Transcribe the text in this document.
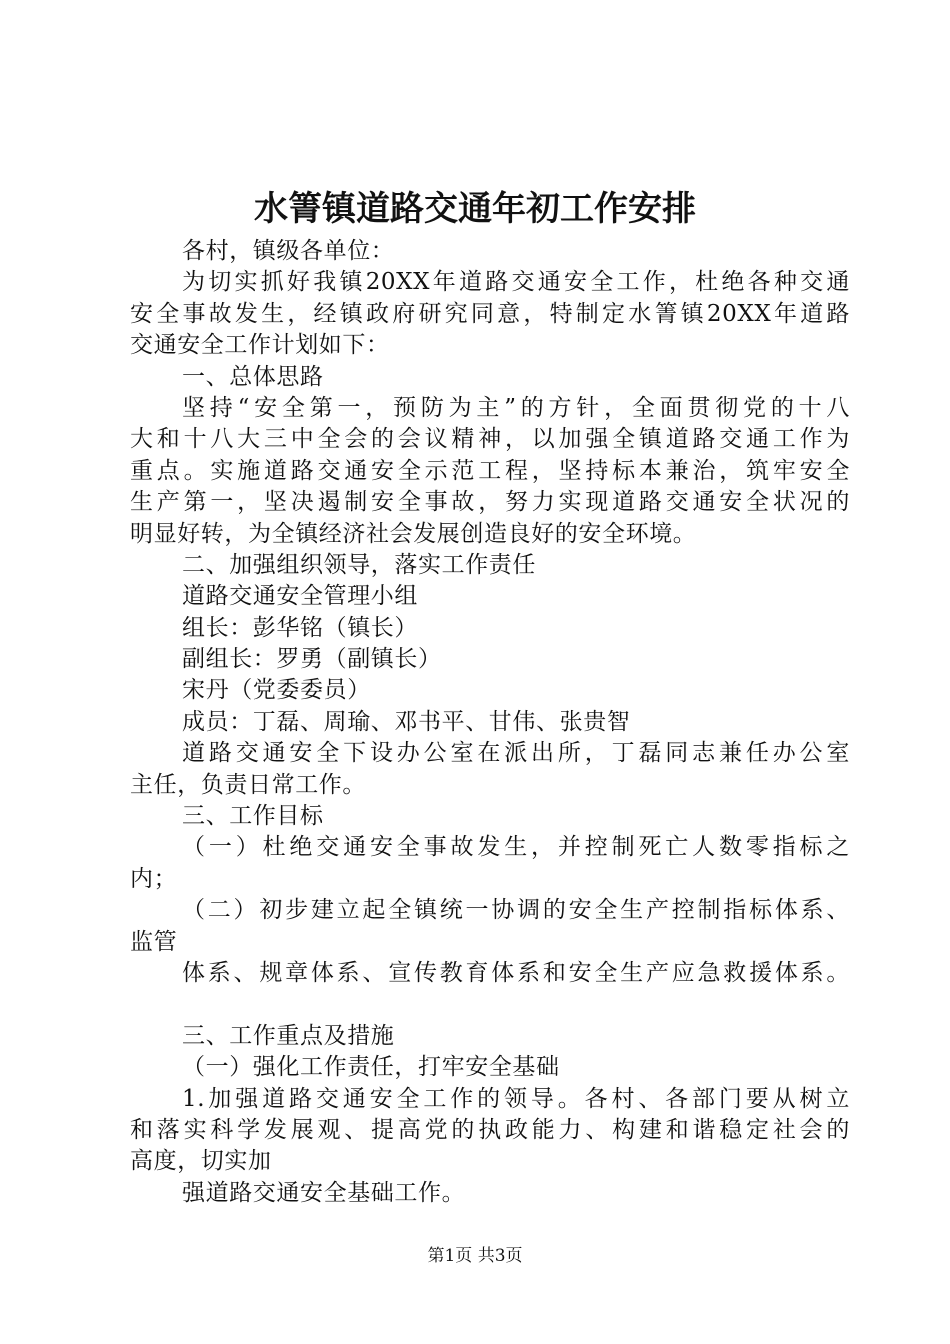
水箐镇道路交通年初工作安排
各村，镇级各单位：
为切实抓好我镇20XX年道路交通安全工作，杜绝各种交通
安全事故发生，经镇政府研究同意，特制定水箐镇20XX年道路
交通安全工作计划如下：
一、总体思路
坚持“安全第一，预防为主”的方针，全面贯彻党的十八
大和十八大三中全会的会议精神，以加强全镇道路交通工作为
重点。实施道路交通安全示范工程，坚持标本兼治，筑牢安全
生产第一，坚决遏制安全事故，努力实现道路交通安全状况的
明显好转，为全镇经济社会发展创造良好的安全环境。
二、加强组织领导，落实工作责任
道路交通安全管理小组
组长：彭华铭（镇长）
副组长：罗勇（副镇长）
宋丹（党委委员）
成员：丁磊、周瑜、邓书平、甘伟、张贵智
道路交通安全下设办公室在派出所，丁磊同志兼任办公室
主任，负责日常工作。
三、工作目标
（一）杜绝交通安全事故发生，并控制死亡人数零指标之
内；
（二）初步建立起全镇统一协调的安全生产控制指标体系、
监管
体系、规章体系、宣传教育体系和安全生产应急救援体系。
三、工作重点及措施
（一）强化工作责任，打牢安全基础
1.加强道路交通安全工作的领导。各村、各部门要从树立
和落实科学发展观、提高党的执政能力、构建和谐稳定社会的
高度，切实加
强道路交通安全基础工作。
第1页 共3页
